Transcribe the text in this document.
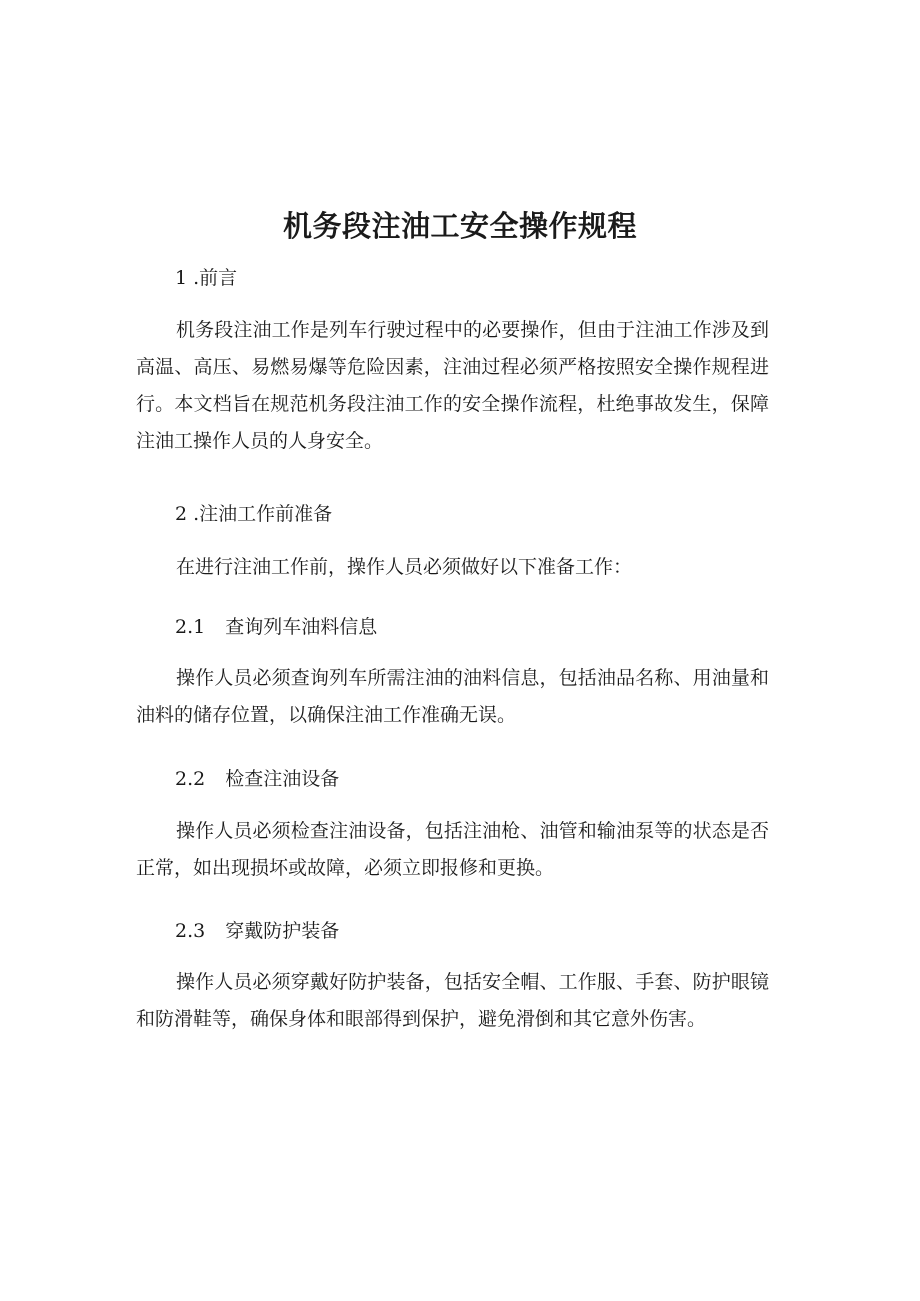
机务段注油工安全操作规程
1 .前言

机务段注油工作是列车行驶过程中的必要操作，但由于注油工作涉及到高温、高压、易燃易爆等危险因素，注油过程必须严格按照安全操作规程进行。本文档旨在规范机务段注油工作的安全操作流程，杜绝事故发生，保障注油工操作人员的人身安全。

2 .注油工作前准备

在进行注油工作前，操作人员必须做好以下准备工作：

2.1 查询列车油料信息

操作人员必须查询列车所需注油的油料信息，包括油品名称、用油量和油料的储存位置，以确保注油工作准确无误。

2.2 检查注油设备

操作人员必须检查注油设备，包括注油枪、油管和输油泵等的状态是否正常，如出现损坏或故障，必须立即报修和更换。

2.3 穿戴防护装备

操作人员必须穿戴好防护装备，包括安全帽、工作服、手套、防护眼镜和防滑鞋等，确保身体和眼部得到保护，避免滑倒和其它意外伤害。
